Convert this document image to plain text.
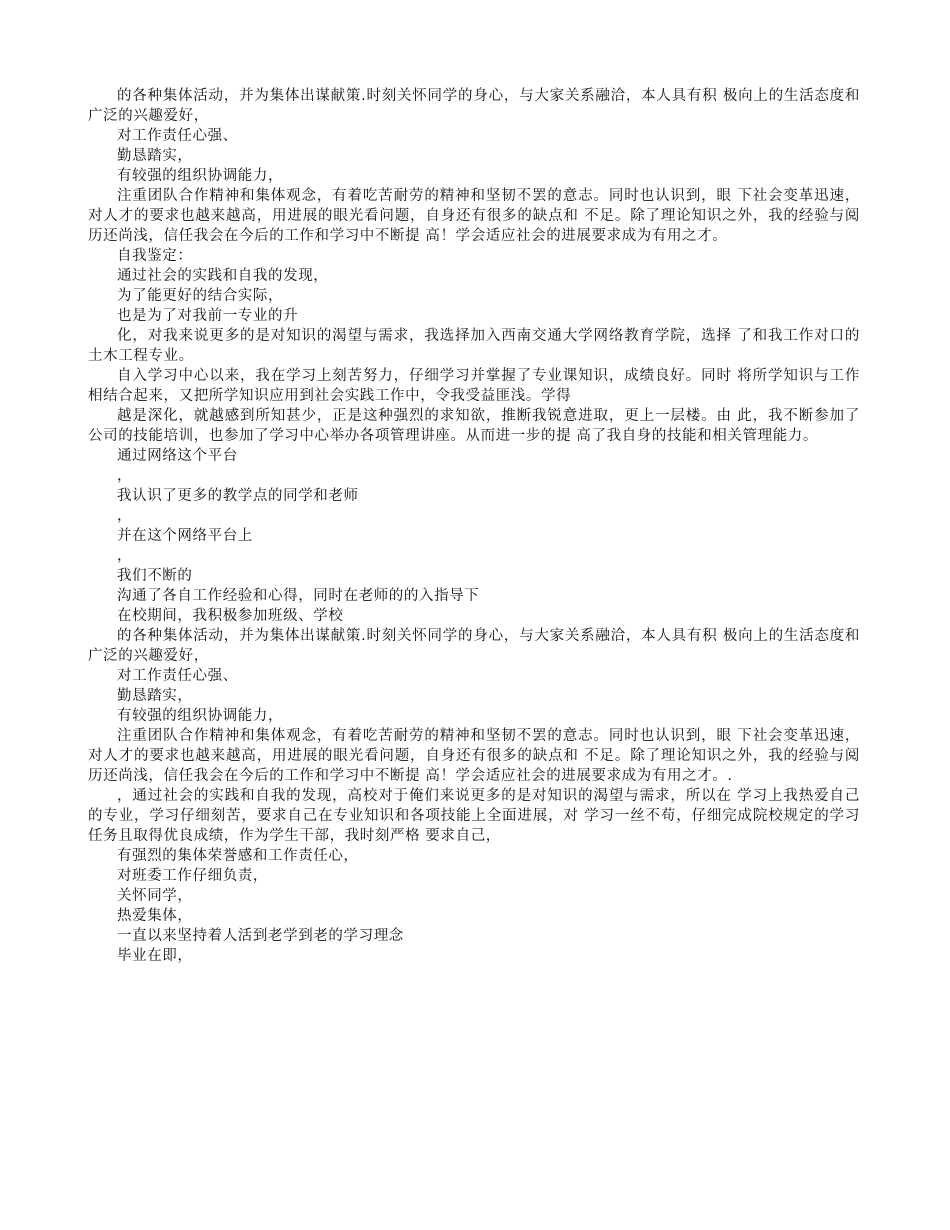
的各种集体活动，并为集体出谋献策.时刻关怀同学的身心，与大家关系融洽，本人具有积 极向上的生活态度和广泛的兴趣爱好，

对工作责任心强、

勤恳踏实，

有较强的组织协调能力，

注重团队合作精神和集体观念，有着吃苦耐劳的精神和坚韧不罢的意志。同时也认识到，眼 下社会变革迅速，对人才的要求也越来越高，用进展的眼光看问题，自身还有很多的缺点和 不足。除了理论知识之外，我的经验与阅历还尚浅，信任我会在今后的工作和学习中不断提 高！学会适应社会的进展要求成为有用之才。

自我鉴定：

通过社会的实践和自我的发现，

为了能更好的结合实际，

也是为了对我前一专业的升

化，对我来说更多的是对知识的渴望与需求，我选择加入西南交通大学网络教育学院，选择 了和我工作对口的土木工程专业。

自入学习中心以来，我在学习上刻苦努力，仔细学习并掌握了专业课知识，成绩良好。同时 将所学知识与工作相结合起来，又把所学知识应用到社会实践工作中，令我受益匪浅。学得

越是深化，就越感到所知甚少，正是这种强烈的求知欲，推断我锐意进取，更上一层楼。由 此，我不断参加了公司的技能培训，也参加了学习中心举办各项管理讲座。从而进一步的提 高了我自身的技能和相关管理能力。

通过网络这个平台

，

我认识了更多的教学点的同学和老师

，

并在这个网络平台上

，

我们不断的

沟通了各自工作经验和心得，同时在老师的的入指导下

在校期间，我积极参加班级、学校

的各种集体活动，并为集体出谋献策.时刻关怀同学的身心，与大家关系融洽，本人具有积 极向上的生活态度和广泛的兴趣爱好，

对工作责任心强、

勤恳踏实，

有较强的组织协调能力，

注重团队合作精神和集体观念，有着吃苦耐劳的精神和坚韧不罢的意志。同时也认识到，眼 下社会变革迅速，对人才的要求也越来越高，用进展的眼光看问题，自身还有很多的缺点和 不足。除了理论知识之外，我的经验与阅历还尚浅，信任我会在今后的工作和学习中不断提 高！学会适应社会的进展要求成为有用之才。.

，通过社会的实践和自我的发现，高校对于俺们来说更多的是对知识的渴望与需求，所以在 学习上我热爱自己的专业，学习仔细刻苦，要求自己在专业知识和各项技能上全面进展，对 学习一丝不苟，仔细完成院校规定的学习任务且取得优良成绩，作为学生干部，我时刻严格 要求自己，

有强烈的集体荣誉感和工作责任心，

对班委工作仔细负责，

关怀同学，

热爱集体，

一直以来坚持着人活到老学到老的学习理念

毕业在即，
